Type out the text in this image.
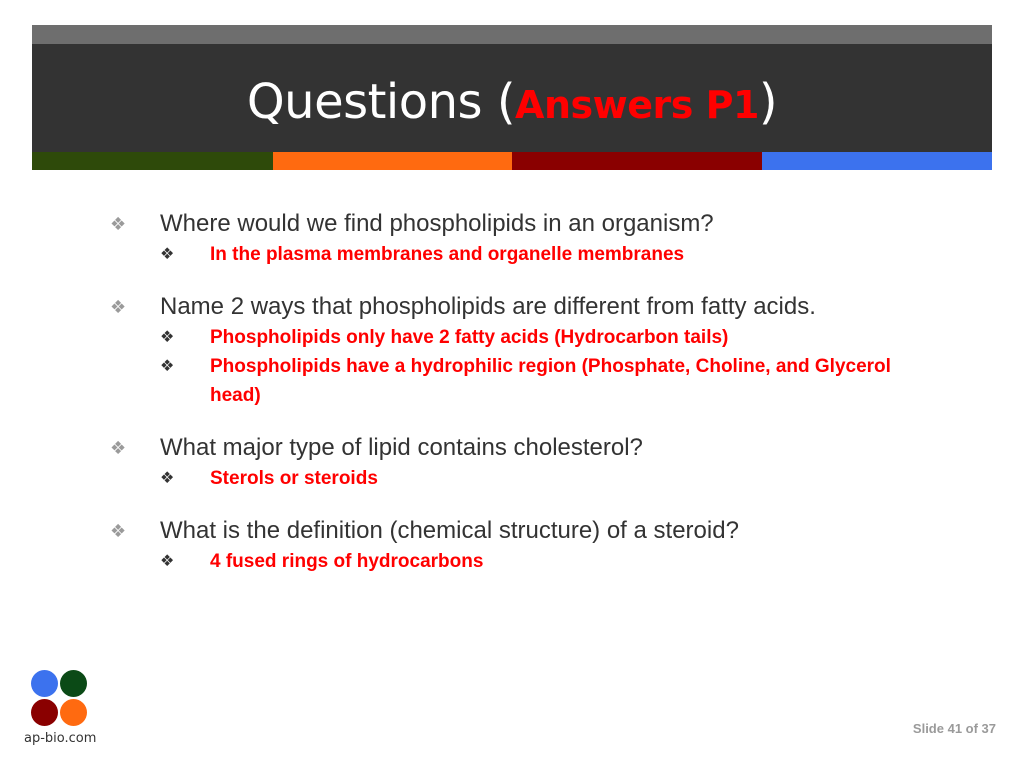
Questions (Answers P1)
❖	Where would we find phospholipids in an organism?
❖	In the plasma membranes and organelle membranes
❖	Name 2 ways that phospholipids are different from fatty acids.
❖	Phospholipids only have 2 fatty acids (Hydrocarbon tails)
❖	Phospholipids have a hydrophilic region (Phosphate, Choline, and Glycerol head)
❖	What major type of lipid contains cholesterol?
❖	Sterols or steroids
❖	What is the definition (chemical structure) of a steroid?
❖	4 fused rings of hydrocarbons
ap-bio.com
Slide 41 of 37
